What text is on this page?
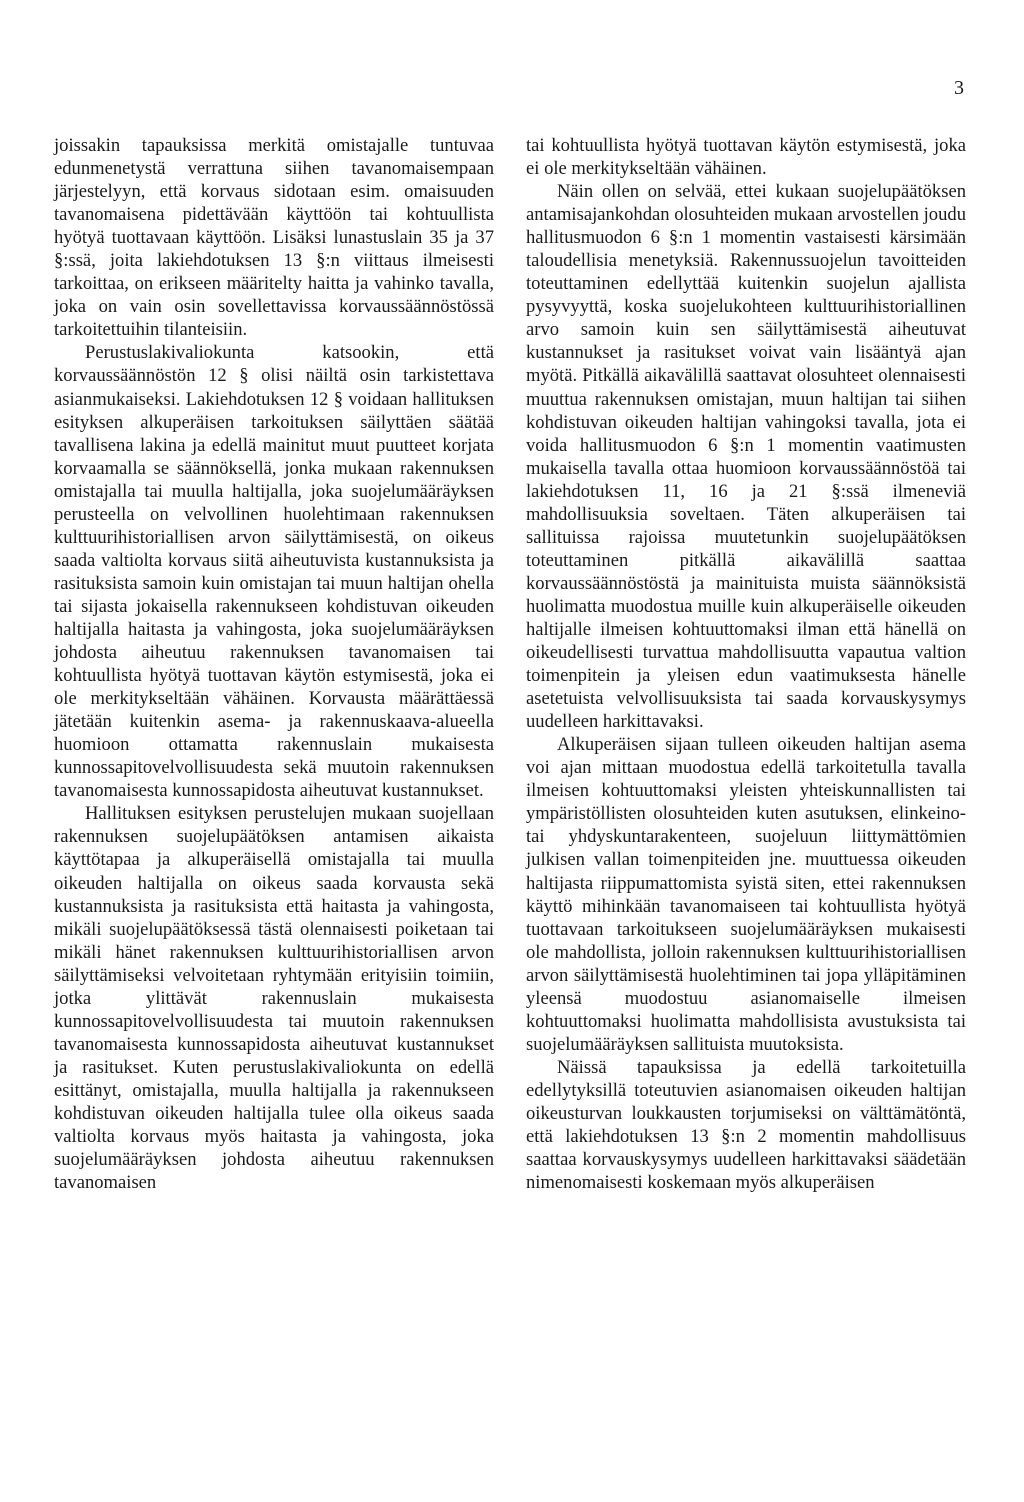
3

joissakin tapauksissa merkitä omistajalle tuntuvaa edunmenetystä verrattuna siihen tavanomaisempaan järjestelyyn, että korvaus sidotaan esim. omaisuuden tavanomaisena pidettävään käyttöön tai kohtuullista hyötyä tuottavaan käyttöön. Lisäksi lunastuslain 35 ja 37 §:ssä, joita lakiehdotuksen 13 §:n viittaus ilmeisesti tarkoittaa, on erikseen määritelty haitta ja vahinko tavalla, joka on vain osin sovellettavissa korvaussäännöstössä tarkoitettuihin tilanteisiin.

Perustuslakivaliokunta katsookin, että korvaussäännöstön 12 § olisi näiltä osin tarkistettava asianmukaiseksi. Lakiehdotuksen 12 § voidaan hallituksen esityksen alkuperäisen tarkoituksen säilyttäen säätää tavallisena lakina ja edellä mainitut muut puutteet korjata korvaamalla se säännöksellä, jonka mukaan rakennuksen omistajalla tai muulla haltijalla, joka suojelumääräyksen perusteella on velvollinen huolehtimaan rakennuksen kulttuurihistoriallisen arvon säilyttämisestä, on oikeus saada valtiolta korvaus siitä aiheutuvista kustannuksista ja rasituksista samoin kuin omistajan tai muun haltijan ohella tai sijasta jokaisella rakennukseen kohdistuvan oikeuden haltijalla haitasta ja vahingosta, joka suojelumääräyksen johdosta aiheutuu rakennuksen tavanomaisen tai kohtuullista hyötyä tuottavan käytön estymisestä, joka ei ole merkitykseltään vähäinen. Korvausta määrättäessä jätetään kuitenkin asema- ja rakennuskaava-alueella huomioon ottamatta rakennuslain mukaisesta kunnossapitovelvollisuudesta sekä muutoin rakennuksen tavanomaisesta kunnossapidosta aiheutuvat kustannukset.

Hallituksen esityksen perustelujen mukaan suojellaan rakennuksen suojelupäätöksen antamisen aikaista käyttötapaa ja alkuperäisellä omistajalla tai muulla oikeuden haltijalla on oikeus saada korvausta sekä kustannuksista ja rasituksista että haitasta ja vahingosta, mikäli suojelupäätöksessä tästä olennaisesti poiketaan tai mikäli hänet rakennuksen kulttuurihistoriallisen arvon säilyttämiseksi velvoitetaan ryhtymään erityisiin toimiin, jotka ylittävät rakennuslain mukaisesta kunnossapitovelvollisuudesta tai muutoin rakennuksen tavanomaisesta kunnossapidosta aiheutuvat kustannukset ja rasitukset. Kuten perustuslakivaliokunta on edellä esittänyt, omistajalla, muulla haltijalla ja rakennukseen kohdistuvan oikeuden haltijalla tulee olla oikeus saada valtiolta korvaus myös haitasta ja vahingosta, joka suojelumääräyksen johdosta aiheutuu rakennuksen tavanomaisen

tai kohtuullista hyötyä tuottavan käytön estymisestä, joka ei ole merkitykseltään vähäinen.

Näin ollen on selvää, ettei kukaan suojelupäätöksen antamisajankohdan olosuhteiden mukaan arvostellen joudu hallitusmuodon 6 §:n 1 momentin vastaisesti kärsimään taloudellisia menetyksiä. Rakennussuojelun tavoitteiden toteuttaminen edellyttää kuitenkin suojelun ajallista pysyvyyttä, koska suojelukohteen kulttuurihistoriallinen arvo samoin kuin sen säilyttämisestä aiheutuvat kustannukset ja rasitukset voivat vain lisääntyä ajan myötä. Pitkällä aikavälillä saattavat olosuhteet olennaisesti muuttua rakennuksen omistajan, muun haltijan tai siihen kohdistuvan oikeuden haltijan vahingoksi tavalla, jota ei voida hallitusmuodon 6 §:n 1 momentin vaatimusten mukaisella tavalla ottaa huomioon korvaussäännöstöä tai lakiehdotuksen 11, 16 ja 21 §:ssä ilmeneviä mahdollisuuksia soveltaen. Täten alkuperäisen tai sallituissa rajoissa muutetunkin suojelupäätöksen toteuttaminen pitkällä aikavälillä saattaa korvaussäännöstöstä ja mainituista muista säännöksistä huolimatta muodostua muille kuin alkuperäiselle oikeuden haltijalle ilmeisen kohtuuttomaksi ilman että hänellä on oikeudellisesti turvattua mahdollisuutta vapautua valtion toimenpitein ja yleisen edun vaatimuksesta hänelle asetetuista velvollisuuksista tai saada korvauskysymys uudelleen harkittavaksi.

Alkuperäisen sijaan tulleen oikeuden haltijan asema voi ajan mittaan muodostua edellä tarkoitetulla tavalla ilmeisen kohtuuttomaksi yleisten yhteiskunnallisten tai ympäristöllisten olosuhteiden kuten asutuksen, elinkeino- tai yhdyskuntarakenteen, suojeluun liittymättömien julkisen vallan toimenpiteiden jne. muuttuessa oikeuden haltijasta riippumattomista syistä siten, ettei rakennuksen käyttö mihinkään tavanomaiseen tai kohtuullista hyötyä tuottavaan tarkoitukseen suojelumääräyksen mukaisesti ole mahdollista, jolloin rakennuksen kulttuurihistoriallisen arvon säilyttämisestä huolehtiminen tai jopa ylläpitäminen yleensä muodostuu asianomaiselle ilmeisen kohtuuttomaksi huolimatta mahdollisista avustuksista tai suojelumääräyksen sallituista muutoksista.

Näissä tapauksissa ja edellä tarkoitetuilla edellytyksillä toteutuvien asianomaisen oikeuden haltijan oikeusturvan loukkausten torjumiseksi on välttämätöntä, että lakiehdotuksen 13 §:n 2 momentin mahdollisuus saattaa korvauskysymys uudelleen harkittavaksi säädetään nimenomaisesti koskemaan myös alkuperäisen
